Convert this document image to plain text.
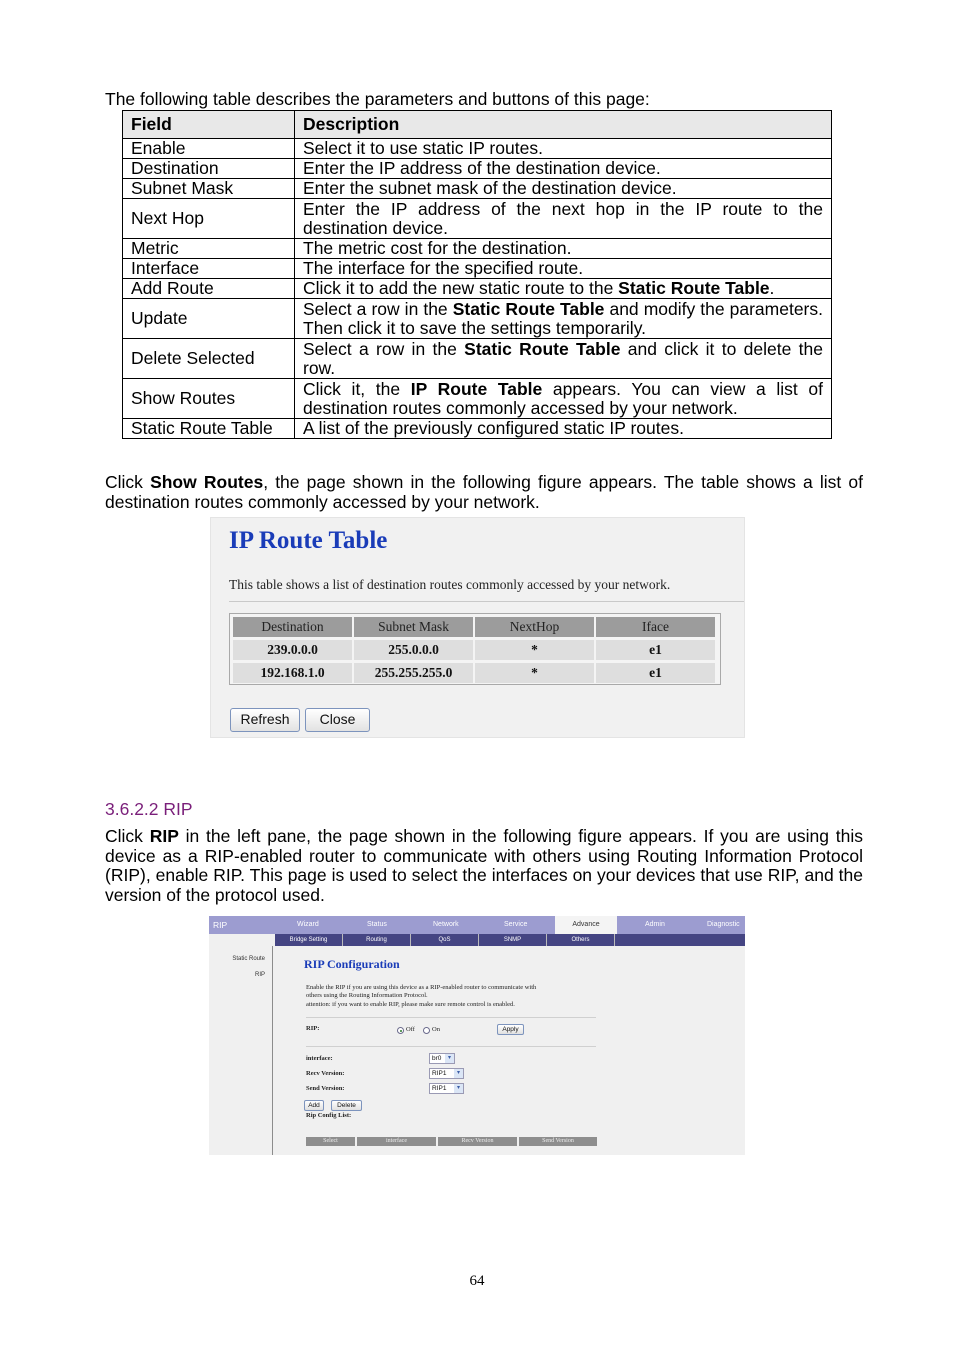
The following table describes the parameters and buttons of this page:
Field	Description
Enable	Select it to use static IP routes.
Destination	Enter the IP address of the destination device.
Subnet Mask	Enter the subnet mask of the destination device.
Next Hop	Enter the IP address of the next hop in the IP route to the destination device.
Metric	The metric cost for the destination.
Interface	The interface for the specified route.
Add Route	Click it to add the new static route to the Static Route Table.
Update	Select a row in the Static Route Table and modify the parameters. Then click it to save the settings temporarily.
Delete Selected	Select a row in the Static Route Table and click it to delete the row.
Show Routes	Click it, the IP Route Table appears. You can view a list of destination routes commonly accessed by your network.
Static Route Table	A list of the previously configured static IP routes.
Click Show Routes, the page shown in the following figure appears. The table shows a list of destination routes commonly accessed by your network.
IP Route Table
This table shows a list of destination routes commonly accessed by your network.
Destination	Subnet Mask	NextHop	Iface
239.0.0.0	255.0.0.0	*	e1
192.168.1.0	255.255.255.0	*	e1
Refresh	Close
3.6.2.2 RIP
Click RIP in the left pane, the page shown in the following figure appears. If you are using this device as a RIP-enabled router to communicate with others using Routing Information Protocol (RIP), enable RIP. This page is used to select the interfaces on your devices that use RIP, and the version of the protocol used.
RIP	Wizard	Status	Network	Service	Advance	Admin	Diagnostic
Bridge Setting	Routing	QoS	SNMP	Others
Static Route
RIP
RIP Configuration
Enable the RIP if you are using this device as a RIP-enabled router to communicate with
others using the Routing Information Protocol.
attention: if you want to enable RIP, please make sure remote control is enabled.
RIP:	Off	On	Apply
interface:	br0	▾
Recv Version:	RIP1	▾
Send Version:	RIP1	▾
Add	Delete
Rip Config List:
Select	interface	Recv Version	Send Version
64
